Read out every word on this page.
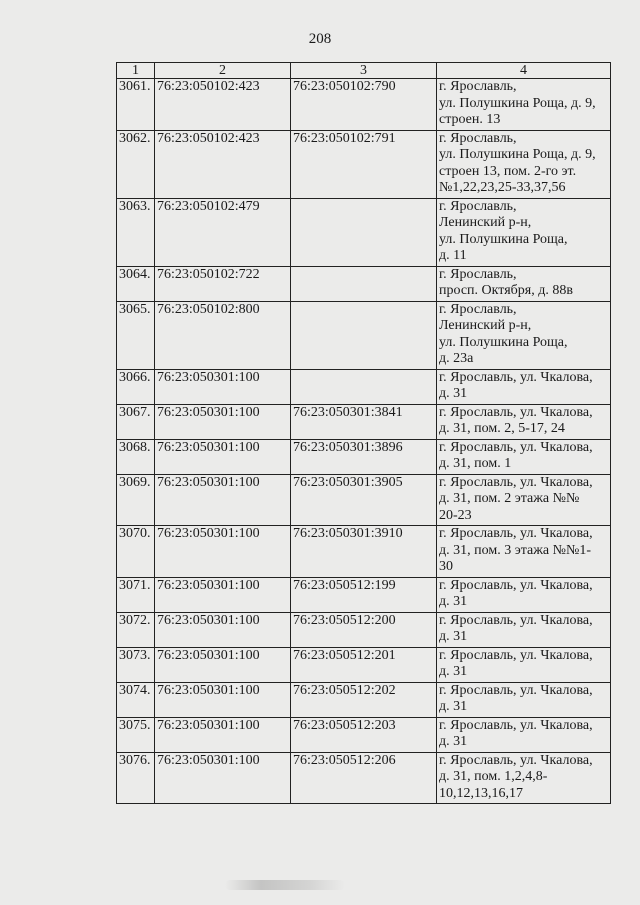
208
1	2	3	4
3061.	76:23:050102:423	76:23:050102:790	г. Ярославль,
ул. Полушкина Роща, д. 9,
строен. 13
3062.	76:23:050102:423	76:23:050102:791	г. Ярославль,
ул. Полушкина Роща, д. 9,
строен 13, пом. 2-го эт.
№1,22,23,25-33,37,56
3063.	76:23:050102:479		г. Ярославль,
Ленинский р-н,
ул. Полушкина Роща,
д. 11
3064.	76:23:050102:722		г. Ярославль,
просп. Октября, д. 88в
3065.	76:23:050102:800		г. Ярославль,
Ленинский р-н,
ул. Полушкина Роща,
д. 23а
3066.	76:23:050301:100		г. Ярославль, ул. Чкалова,
д. 31
3067.	76:23:050301:100	76:23:050301:3841	г. Ярославль, ул. Чкалова,
д. 31, пом. 2, 5-17, 24
3068.	76:23:050301:100	76:23:050301:3896	г. Ярославль, ул. Чкалова,
д. 31, пом. 1
3069.	76:23:050301:100	76:23:050301:3905	г. Ярославль, ул. Чкалова,
д. 31, пом. 2 этажа №№
20-23
3070.	76:23:050301:100	76:23:050301:3910	г. Ярославль, ул. Чкалова,
д. 31, пом. 3 этажа №№1-
30
3071.	76:23:050301:100	76:23:050512:199	г. Ярославль, ул. Чкалова,
д. 31
3072.	76:23:050301:100	76:23:050512:200	г. Ярославль, ул. Чкалова,
д. 31
3073.	76:23:050301:100	76:23:050512:201	г. Ярославль, ул. Чкалова,
д. 31
3074.	76:23:050301:100	76:23:050512:202	г. Ярославль, ул. Чкалова,
д. 31
3075.	76:23:050301:100	76:23:050512:203	г. Ярославль, ул. Чкалова,
д. 31
3076.	76:23:050301:100	76:23:050512:206	г. Ярославль, ул. Чкалова,
д. 31, пом. 1,2,4,8-
10,12,13,16,17
